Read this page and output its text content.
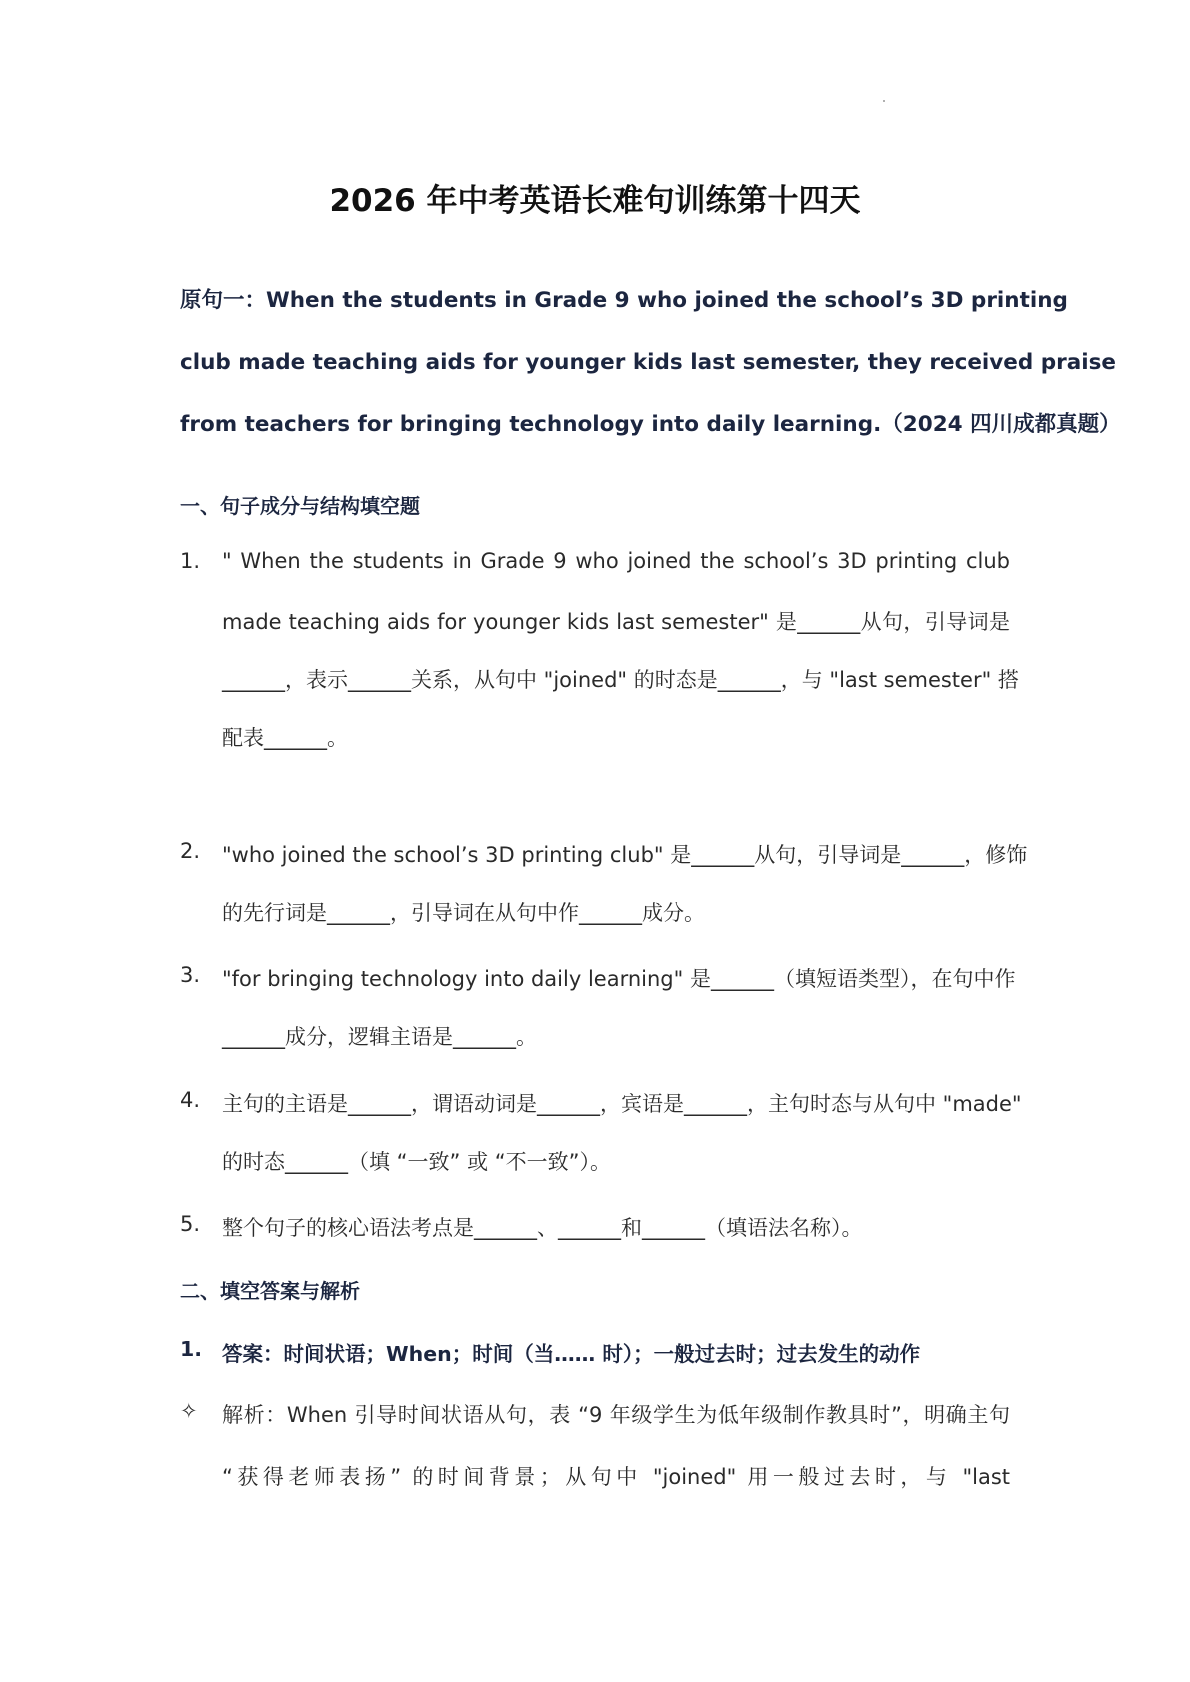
2026 年中考英语长难句训练第十四天
原句一：When the students in Grade 9 who joined the school’s 3D printing
club made teaching aids for younger kids last semester, they received praise
from teachers for bringing technology into daily learning.（2024 四川成都真题）
一、句子成分与结构填空题
1. " When the students in Grade 9 who joined the school’s 3D printing club
made teaching aids for younger kids last semester" 是______从句，引导词是
______，表示______关系，从句中 "joined" 的时态是______，与 "last semester" 搭
配表______。
2. "who joined the school’s 3D printing club" 是______从句，引导词是______，修饰
的先行词是______，引导词在从句中作______成分。
3. "for bringing technology into daily learning" 是______（填短语类型），在句中作
______成分，逻辑主语是______。
4. 主句的主语是______，谓语动词是______，宾语是______，主句时态与从句中 "made"
的时态______（填 “一致” 或 “不一致”）。
5. 整个句子的核心语法考点是______、______和______（填语法名称）。
二、填空答案与解析
1. 答案：时间状语；When；时间（当…… 时）；一般过去时；过去发生的动作
✧ 解析：When 引导时间状语从句，表 “9 年级学生为低年级制作教具时”，明确主句
“获得老师表扬” 的时间背景；从句中 "joined" 用一般过去时，与 "last
